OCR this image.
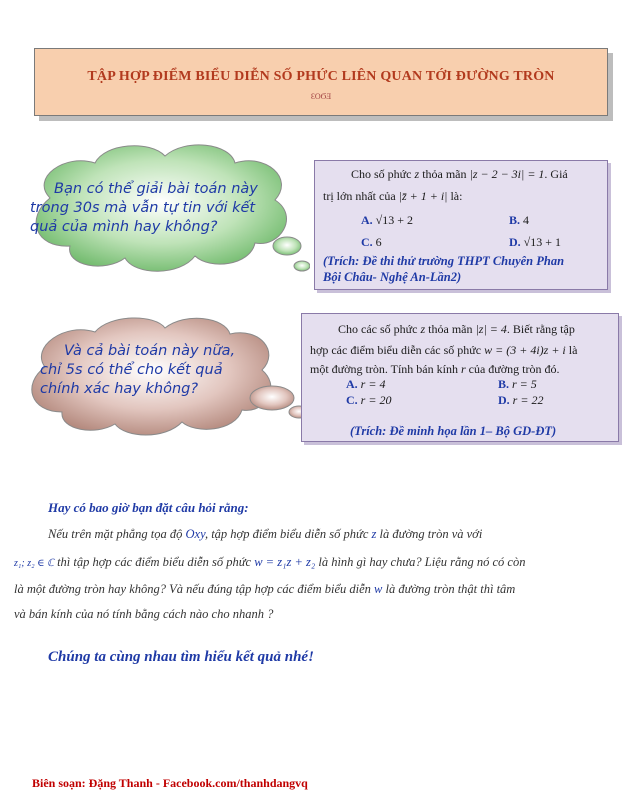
TẬP HỢP ĐIỂM BIỂU DIỄN SỐ PHỨC LIÊN QUAN TỚI ĐƯỜNG TRÒN
ƐOϬƎ
Bạn có thể giải bài toán này
trong 30s mà vẫn tự tin với kết
quả của mình hay không?
Cho số phức z thỏa mãn |z − 2 − 3i| = 1. Giá
trị lớn nhất của |z̄ + 1 + i| là:
A. √13 + 2	B. 4
C. 6	D. √13 + 1
(Trích: Đề thi thử trường THPT Chuyên Phan
Bội Châu- Nghệ An-Lần2)
Và cả bài toán này nữa,
chỉ 5s có thể cho kết quả
chính xác hay không?
Cho các số phức z thỏa mãn |z| = 4. Biết rằng tập
hợp các điểm biểu diễn các số phức w = (3 + 4i)z + i là
một đường tròn. Tính bán kính r của đường tròn đó.
A. r = 4	B. r = 5
C. r = 20	D. r = 22
(Trích: Đề minh họa lần 1– Bộ GD-ĐT)
Hay có bao giờ bạn đặt câu hỏi rằng:
Nếu trên mặt phẳng tọa độ Oxy, tập hợp điểm biểu diễn số phức z là đường tròn và với
z₁; z₂ ∈ ℂ thì tập hợp các điểm biểu diễn số phức w = z₁z + z₂ là hình gì hay chưa? Liệu rằng nó có còn
là một đường tròn hay không? Và nếu đúng tập hợp các điểm biểu diễn w là đường tròn thật thì tâm
và bán kính của nó tính bằng cách nào cho nhanh ?
Chúng ta cùng nhau tìm hiểu kết quả nhé!
Biên soạn: Đặng Thanh - Facebook.com/thanhdangvq
